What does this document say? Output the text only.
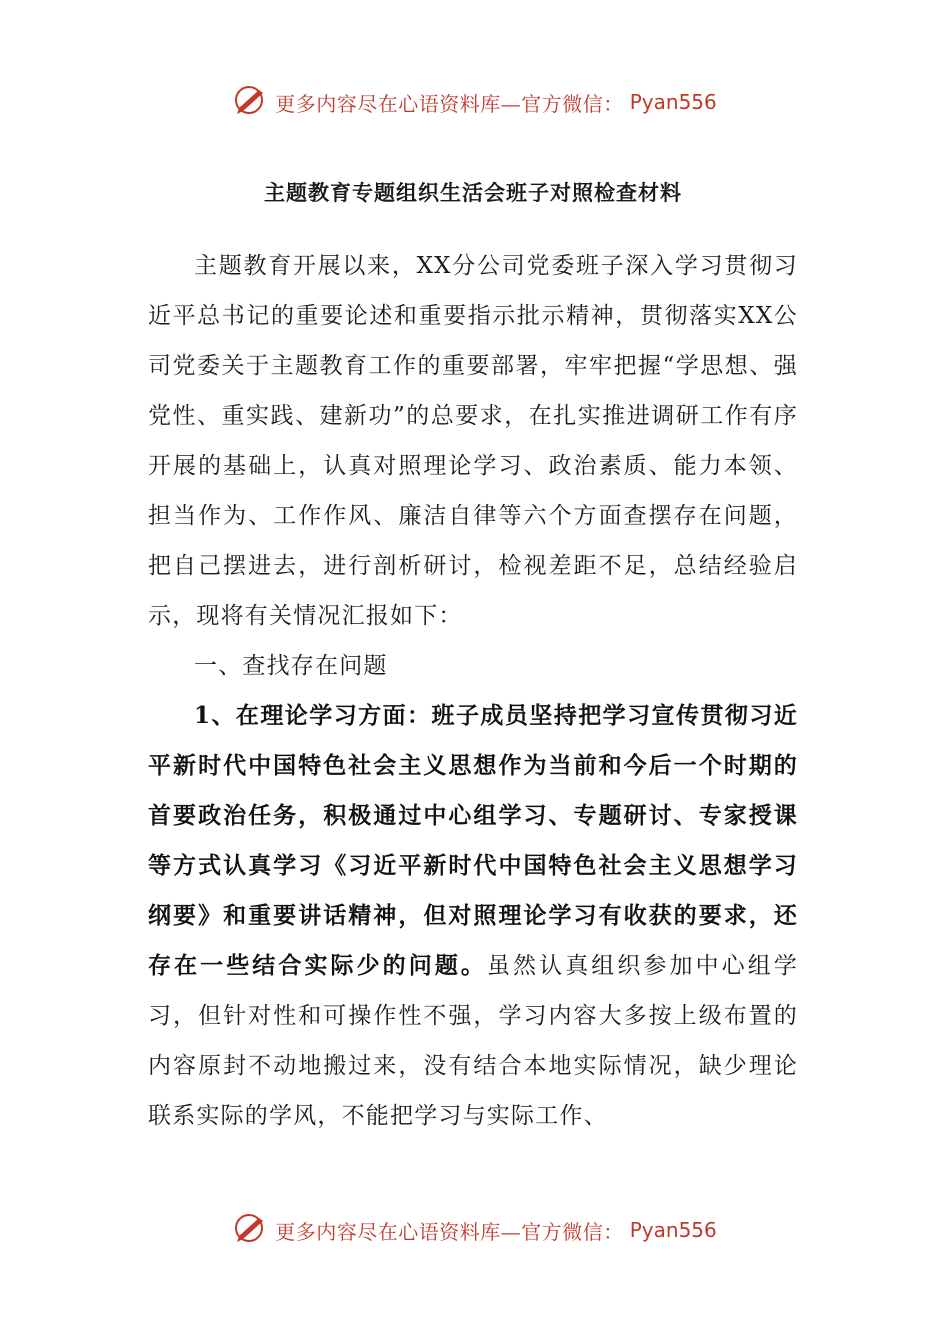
更多内容尽在心语资料库—官方微信： Pyan556
主题教育专题组织生活会班子对照检查材料

主题教育开展以来，XX分公司党委班子深入学习贯彻习近平总书记的重要论述和重要指示批示精神，贯彻落实XX公司党委关于主题教育工作的重要部署，牢牢把握“学思想、强党性、重实践、建新功”的总要求，在扎实推进调研工作有序开展的基础上，认真对照理论学习、政治素质、能力本领、担当作为、工作作风、廉洁自律等六个方面查摆存在问题，把自己摆进去，进行剖析研讨，检视差距不足，总结经验启示，现将有关情况汇报如下：

一、查找存在问题

1、在理论学习方面：班子成员坚持把学习宣传贯彻习近平新时代中国特色社会主义思想作为当前和今后一个时期的首要政治任务，积极通过中心组学习、专题研讨、专家授课等方式认真学习《习近平新时代中国特色社会主义思想学习纲要》和重要讲话精神，但对照理论学习有收获的要求，还存在一些结合实际少的问题。虽然认真组织参加中心组学习，但针对性和可操作性不强，学习内容大多按上级布置的内容原封不动地搬过来，没有结合本地实际情况，缺少理论联系实际的学风，不能把学习与实际工作、

更多内容尽在心语资料库—官方微信： Pyan556
